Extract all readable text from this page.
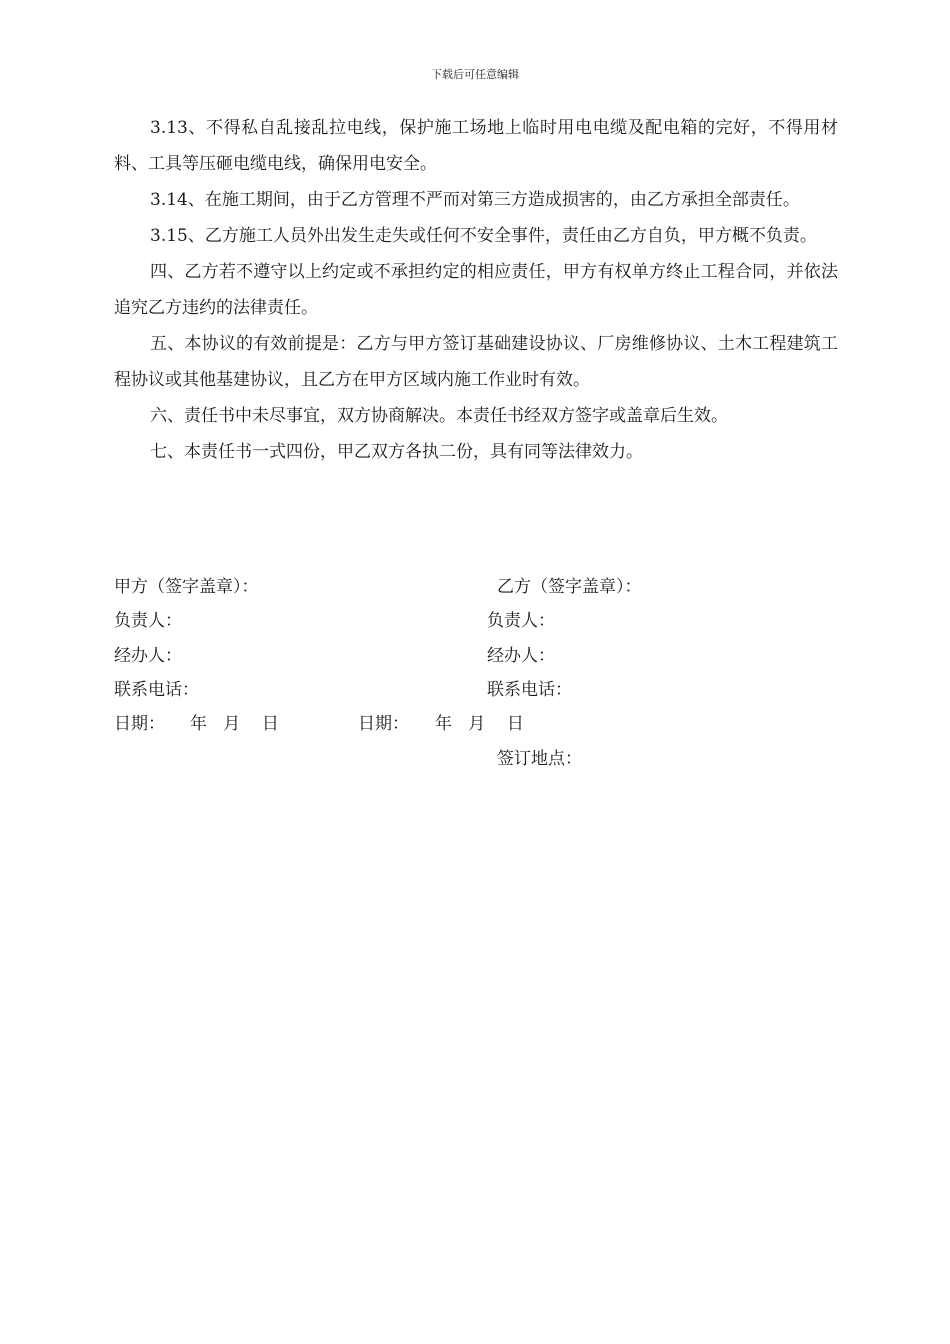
下载后可任意编辑

3.13、不得私自乱接乱拉电线，保护施工场地上临时用电电缆及配电箱的完好，不得用材料、工具等压砸电缆电线，确保用电安全。

3.14、在施工期间，由于乙方管理不严而对第三方造成损害的，由乙方承担全部责任。

3.15、乙方施工人员外出发生走失或任何不安全事件，责任由乙方自负，甲方概不负责。

四、乙方若不遵守以上约定或不承担约定的相应责任，甲方有权单方终止工程合同，并依法追究乙方违约的法律责任。

五、本协议的有效前提是：乙方与甲方签订基础建设协议、厂房维修协议、土木工程建筑工程协议或其他基建协议，且乙方在甲方区域内施工作业时有效。

六、责任书中未尽事宜，双方协商解决。本责任书经双方签字或盖章后生效。

七、本责任书一式四份，甲乙双方各执二份，具有同等法律效力。

甲方（签字盖章）：	乙方（签字盖章）：
负责人：	负责人：
经办人：	经办人：
联系电话：	联系电话：
日期： 年   月    日	日期： 年   月    日
签订地点：
